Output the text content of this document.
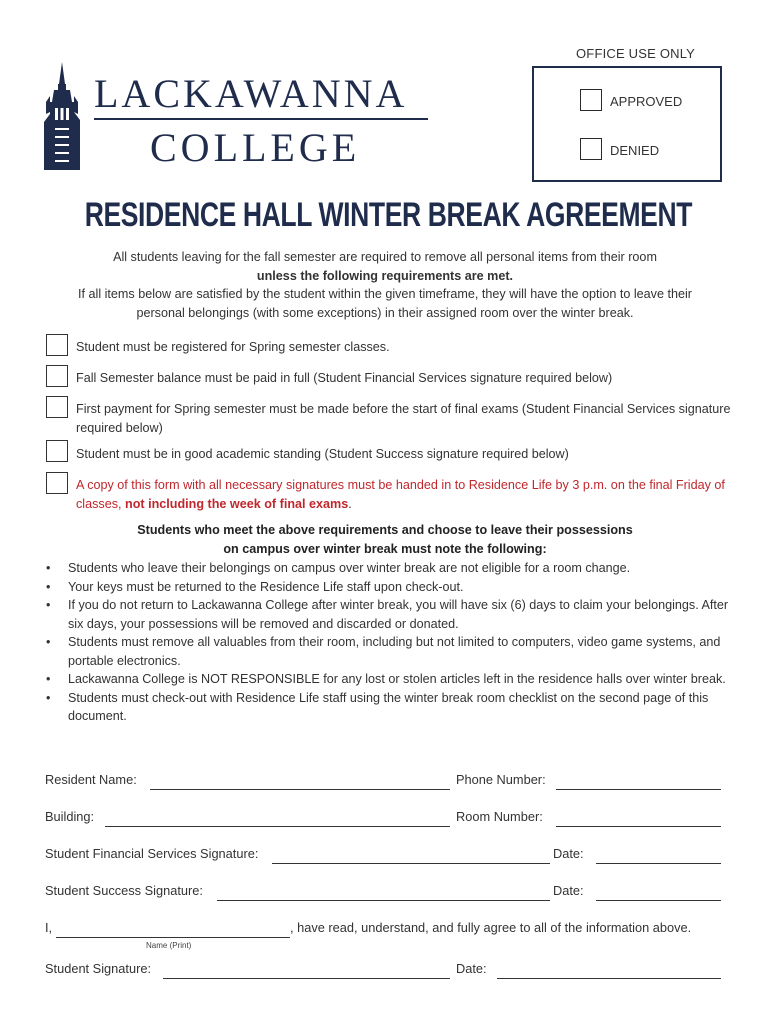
LACKAWANNA
COLLEGE
OFFICE USE ONLY
APPROVED
DENIED
RESIDENCE HALL WINTER BREAK AGREEMENT
All students leaving for the fall semester are required to remove all personal items from their room
unless the following requirements are met.
If all items below are satisfied by the student within the given timeframe, they will have the option to leave their personal belongings (with some exceptions) in their assigned room over the winter break.
Student must be registered for Spring semester classes.
Fall Semester balance must be paid in full (Student Financial Services signature required below)
First payment for Spring semester must be made before the start of final exams (Student Financial Services signature required below)
Student must be in good academic standing (Student Success signature required below)
A copy of this form with all necessary signatures must be handed in to Residence Life by 3 p.m. on the final Friday of classes, not including the week of final exams.
Students who meet the above requirements and choose to leave their possessions
on campus over winter break must note the following:
• Students who leave their belongings on campus over winter break are not eligible for a room change.
• Your keys must be returned to the Residence Life staff upon check-out.
• If you do not return to Lackawanna College after winter break, you will have six (6) days to claim your belongings. After six days, your possessions will be removed and discarded or donated.
• Students must remove all valuables from their room, including but not limited to computers, video game systems, and portable electronics.
• Lackawanna College is NOT RESPONSIBLE for any lost or stolen articles left in the residence halls over winter break.
• Students must check-out with Residence Life staff using the winter break room checklist on the second page of this document.
Resident Name:	Phone Number:
Building:	Room Number:
Student Financial Services Signature:	Date:
Student Success Signature:	Date:
I,	, have read, understand, and fully agree to all of the information above.
Name (Print)
Student Signature:	Date:
